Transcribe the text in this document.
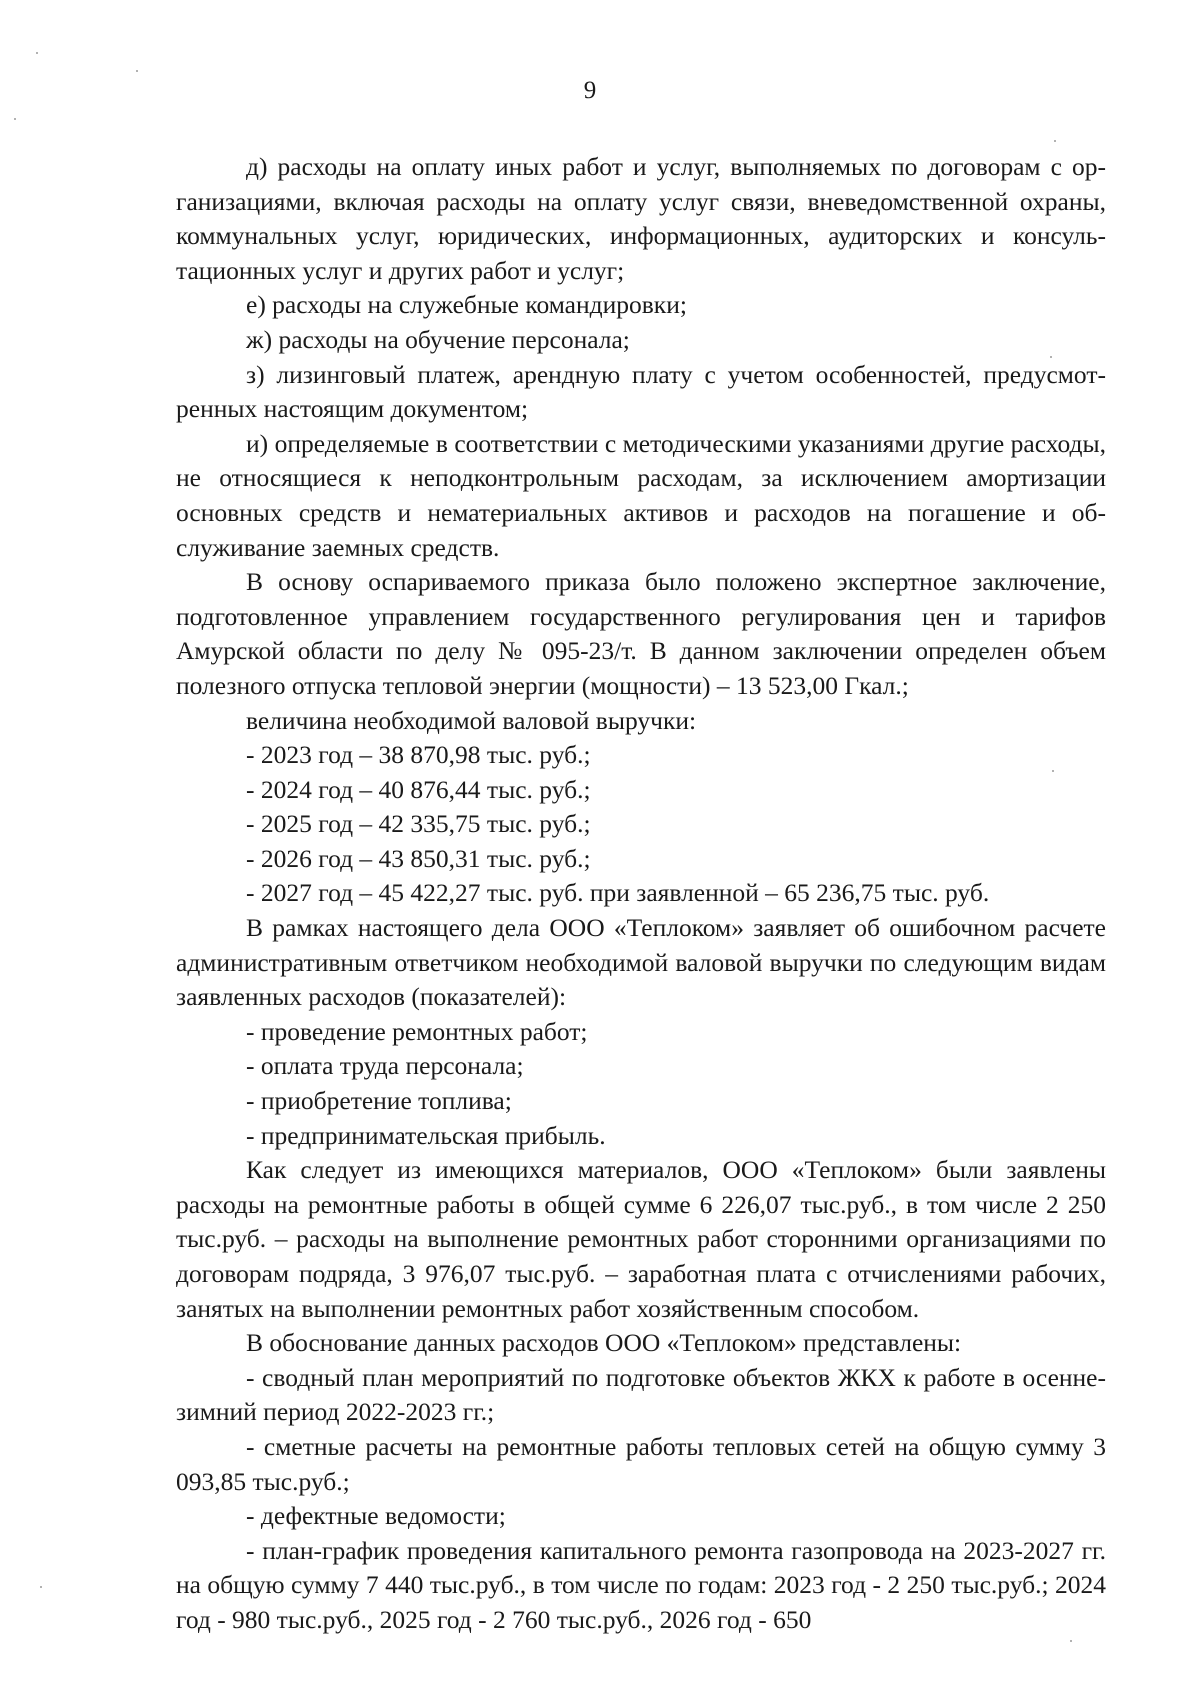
9

д) расходы на оплату иных работ и услуг, выполняемых по договорам с организациями, включая расходы на оплату услуг связи, вневедомственной охраны, коммунальных услуг, юридических, информационных, аудиторских и консультационных услуг и других работ и услуг;

е) расходы на служебные командировки;

ж) расходы на обучение персонала;

з) лизинговый платеж, арендную плату с учетом особенностей, предусмотренных настоящим документом;

и) определяемые в соответствии с методическими указаниями другие расходы, не относящиеся к неподконтрольным расходам, за исключением амортизации основных средств и нематериальных активов и расходов на погашение и обслуживание заемных средств.

В основу оспариваемого приказа было положено экспертное заключение, подготовленное управлением государственного регулирования цен и тарифов Амурской области по делу № 095-23/т. В данном заключении определен объем полезного отпуска тепловой энергии (мощности) – 13 523,00 Гкал.;

величина необходимой валовой выручки:

- 2023 год – 38 870,98 тыс. руб.;

- 2024 год – 40 876,44 тыс. руб.;

- 2025 год – 42 335,75 тыс. руб.;

- 2026 год – 43 850,31 тыс. руб.;

- 2027 год – 45 422,27 тыс. руб. при заявленной – 65 236,75 тыс. руб.

В рамках настоящего дела ООО «Теплоком» заявляет об ошибочном расчете административным ответчиком необходимой валовой выручки по следующим видам заявленных расходов (показателей):

- проведение ремонтных работ;

- оплата труда персонала;

- приобретение топлива;

- предпринимательская прибыль.

Как следует из имеющихся материалов, ООО «Теплоком» были заявлены расходы на ремонтные работы в общей сумме 6 226,07 тыс.руб., в том числе 2 250 тыс.руб. – расходы на выполнение ремонтных работ сторонними организациями по договорам подряда, 3 976,07 тыс.руб. – заработная плата с отчислениями рабочих, занятых на выполнении ремонтных работ хозяйственным способом.

В обоснование данных расходов ООО «Теплоком» представлены:

- сводный план мероприятий по подготовке объектов ЖКХ к работе в осенне-зимний период 2022-2023 гг.;

- сметные расчеты на ремонтные работы тепловых сетей на общую сумму 3 093,85 тыс.руб.;

- дефектные ведомости;

- план-график проведения капитального ремонта газопровода на 2023-2027 гг. на общую сумму 7 440 тыс.руб., в том числе по годам: 2023 год - 2 250 тыс.руб.; 2024 год - 980 тыс.руб., 2025 год - 2 760 тыс.руб., 2026 год - 650
